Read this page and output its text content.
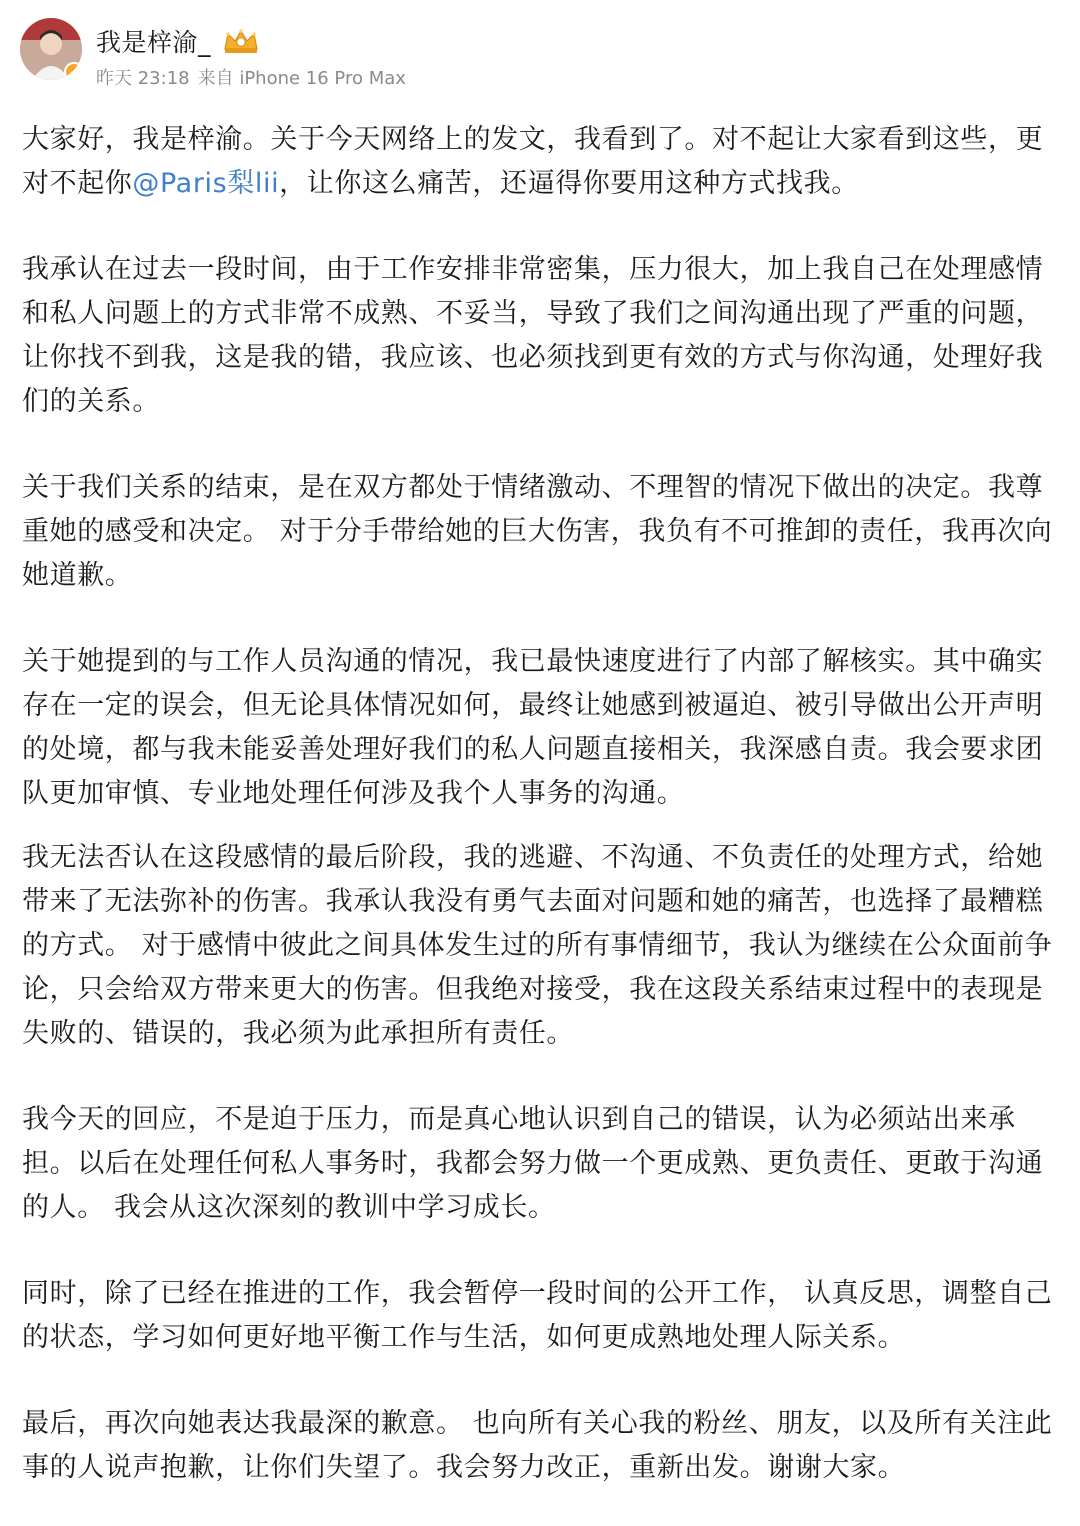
我是梓渝_
昨天 23:18 来自 iPhone 16 Pro Max

大家好，我是梓渝。关于今天网络上的发文，我看到了。对不起让大家看到这些，更对不起你@Paris梨lii，让你这么痛苦，还逼得你要用这种方式找我。

我承认在过去一段时间，由于工作安排非常密集，压力很大，加上我自己在处理感情和私人问题上的方式非常不成熟、不妥当，导致了我们之间沟通出现了严重的问题，让你找不到我，这是我的错，我应该、也必须找到更有效的方式与你沟通，处理好我们的关系。

关于我们关系的结束，是在双方都处于情绪激动、不理智的情况下做出的决定。我尊重她的感受和决定。 对于分手带给她的巨大伤害，我负有不可推卸的责任，我再次向她道歉。

关于她提到的与工作人员沟通的情况，我已最快速度进行了内部了解核实。其中确实存在一定的误会，但无论具体情况如何，最终让她感到被逼迫、被引导做出公开声明的处境，都与我未能妥善处理好我们的私人问题直接相关，我深感自责。我会要求团队更加审慎、专业地处理任何涉及我个人事务的沟通。

我无法否认在这段感情的最后阶段，我的逃避、不沟通、不负责任的处理方式，给她带来了无法弥补的伤害。我承认我没有勇气去面对问题和她的痛苦，也选择了最糟糕的方式。 对于感情中彼此之间具体发生过的所有事情细节，我认为继续在公众面前争论，只会给双方带来更大的伤害。但我绝对接受，我在这段关系结束过程中的表现是失败的、错误的，我必须为此承担所有责任。

我今天的回应，不是迫于压力，而是真心地认识到自己的错误，认为必须站出来承担。以后在处理任何私人事务时，我都会努力做一个更成熟、更负责任、更敢于沟通的人。 我会从这次深刻的教训中学习成长。

同时，除了已经在推进的工作，我会暂停一段时间的公开工作， 认真反思，调整自己的状态，学习如何更好地平衡工作与生活，如何更成熟地处理人际关系。

最后，再次向她表达我最深的歉意。 也向所有关心我的粉丝、朋友，以及所有关注此事的人说声抱歉，让你们失望了。我会努力改正，重新出发。谢谢大家。
